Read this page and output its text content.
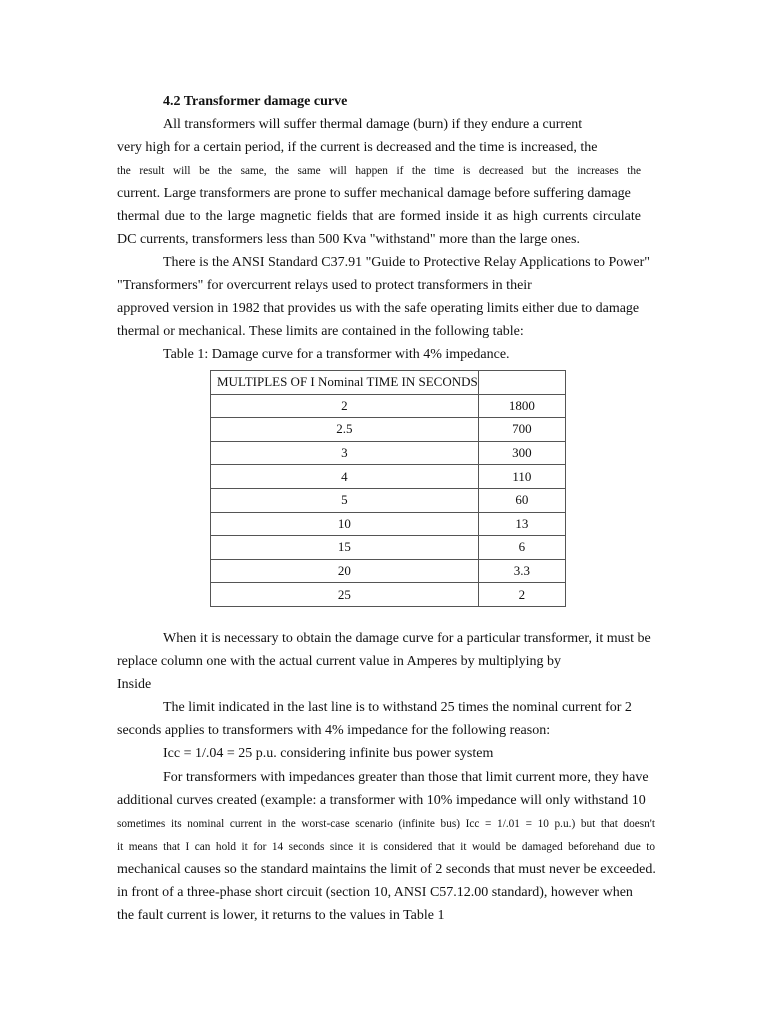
4.2 Transformer damage curve
All transformers will suffer thermal damage (burn) if they endure a current
very high for a certain period, if the current is decreased and the time is increased, the
the result will be the same, the same will happen if the time is decreased but the increases the
current. Large transformers are prone to suffer mechanical damage before suffering damage
thermal due to the large magnetic fields that are formed inside it as high currents circulate
DC currents, transformers less than 500 Kva "withstand" more than the large ones.
There is the ANSI Standard C37.91 "Guide to Protective Relay Applications to Power"
"Transformers" for overcurrent relays used to protect transformers in their
approved version in 1982 that provides us with the safe operating limits either due to damage
thermal or mechanical. These limits are contained in the following table:
Table 1: Damage curve for a transformer with 4% impedance.
MULTIPLES OF I Nominal TIME IN SECONDS	
2	1800
2.5	700
3	300
4	110
5	60
10	13
15	6
20	3.3
25	2
When it is necessary to obtain the damage curve for a particular transformer, it must be
replace column one with the actual current value in Amperes by multiplying by
Inside
The limit indicated in the last line is to withstand 25 times the nominal current for 2
seconds applies to transformers with 4% impedance for the following reason:
Icc = 1/.04 = 25 p.u. considering infinite bus power system
For transformers with impedances greater than those that limit current more, they have
additional curves created (example: a transformer with 10% impedance will only withstand 10
sometimes its nominal current in the worst-case scenario (infinite bus) Icc = 1/.01 = 10 p.u.) but that doesn't
it means that I can hold it for 14 seconds since it is considered that it would be damaged beforehand due to
mechanical causes so the standard maintains the limit of 2 seconds that must never be exceeded.
in front of a three-phase short circuit (section 10, ANSI C57.12.00 standard), however when
the fault current is lower, it returns to the values in Table 1
